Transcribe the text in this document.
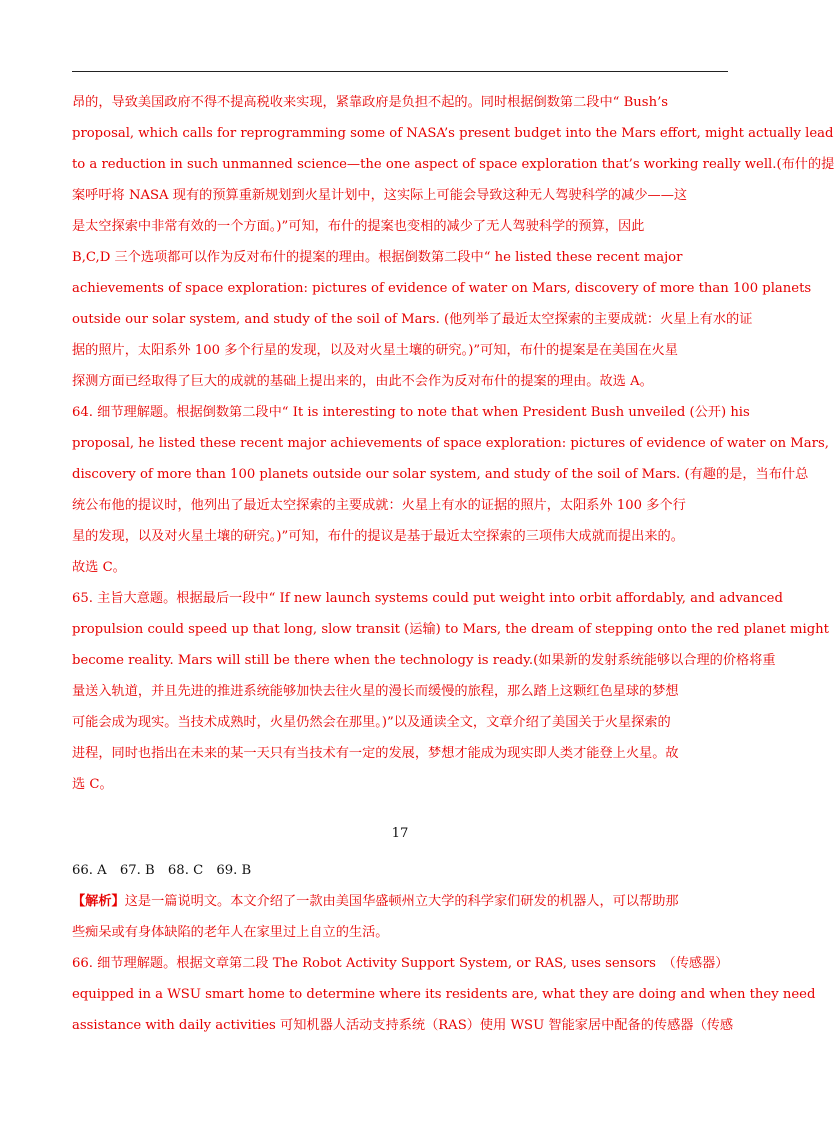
昂的，导致美国政府不得不提高税收来实现，紧靠政府是负担不起的。同时根据倒数第二段中“ Bush’s
proposal, which calls for reprogramming some of NASA’s present budget into the Mars effort, might actually lead
to a reduction in such unmanned science—the one aspect of space exploration that’s working really well.(布什的提
案呼吁将 NASA 现有的预算重新规划到火星计划中，这实际上可能会导致这种无人驾驶科学的减少——这
是太空探索中非常有效的一个方面。)”可知，布什的提案也变相的减少了无人驾驶科学的预算，因此
B,C,D 三个选项都可以作为反对布什的提案的理由。根据倒数第二段中“ he listed these recent major
achievements of space exploration: pictures of evidence of water on Mars, discovery of more than 100 planets
outside our solar system, and study of the soil of Mars. (他列举了最近太空探索的主要成就：火星上有水的证
据的照片，太阳系外 100 多个行星的发现，以及对火星土壤的研究。)”可知，布什的提案是在美国在火星
探测方面已经取得了巨大的成就的基础上提出来的，由此不会作为反对布什的提案的理由。故选 A。
64. 细节理解题。根据倒数第二段中“ It is interesting to note that when President Bush unveiled (公开) his
proposal, he listed these recent major achievements of space exploration: pictures of evidence of water on Mars,
discovery of more than 100 planets outside our solar system, and study of the soil of Mars. (有趣的是，当布什总
统公布他的提议时，他列出了最近太空探索的主要成就：火星上有水的证据的照片，太阳系外 100 多个行
星的发现，以及对火星土壤的研究。)”可知，布什的提议是基于最近太空探索的三项伟大成就而提出来的。
故选 C。
65. 主旨大意题。根据最后一段中“ If new launch systems could put weight into orbit affordably, and advanced
propulsion could speed up that long, slow transit (运输) to Mars, the dream of stepping onto the red planet might
become reality. Mars will still be there when the technology is ready.(如果新的发射系统能够以合理的价格将重
量送入轨道，并且先进的推进系统能够加快去往火星的漫长而缓慢的旅程，那么踏上这颗红色星球的梦想
可能会成为现实。当技术成熟时，火星仍然会在那里。)”以及通读全文，文章介绍了美国关于火星探索的
进程，同时也指出在未来的某一天只有当技术有一定的发展，梦想才能成为现实即人类才能登上火星。故
选 C。
17
66. A　67. B　68. C　69. B
【解析】这是一篇说明文。本文介绍了一款由美国华盛顿州立大学的科学家们研发的机器人，可以帮助那
些痴呆或有身体缺陷的老年人在家里过上自立的生活。
66. 细节理解题。根据文章第二段 The Robot Activity Support System, or RAS, uses sensors　（传感器）
equipped in a WSU smart home to determine where its residents are, what they are doing and when they need
assistance with daily activities 可知机器人活动支持系统（RAS）使用 WSU 智能家居中配备的传感器（传感
